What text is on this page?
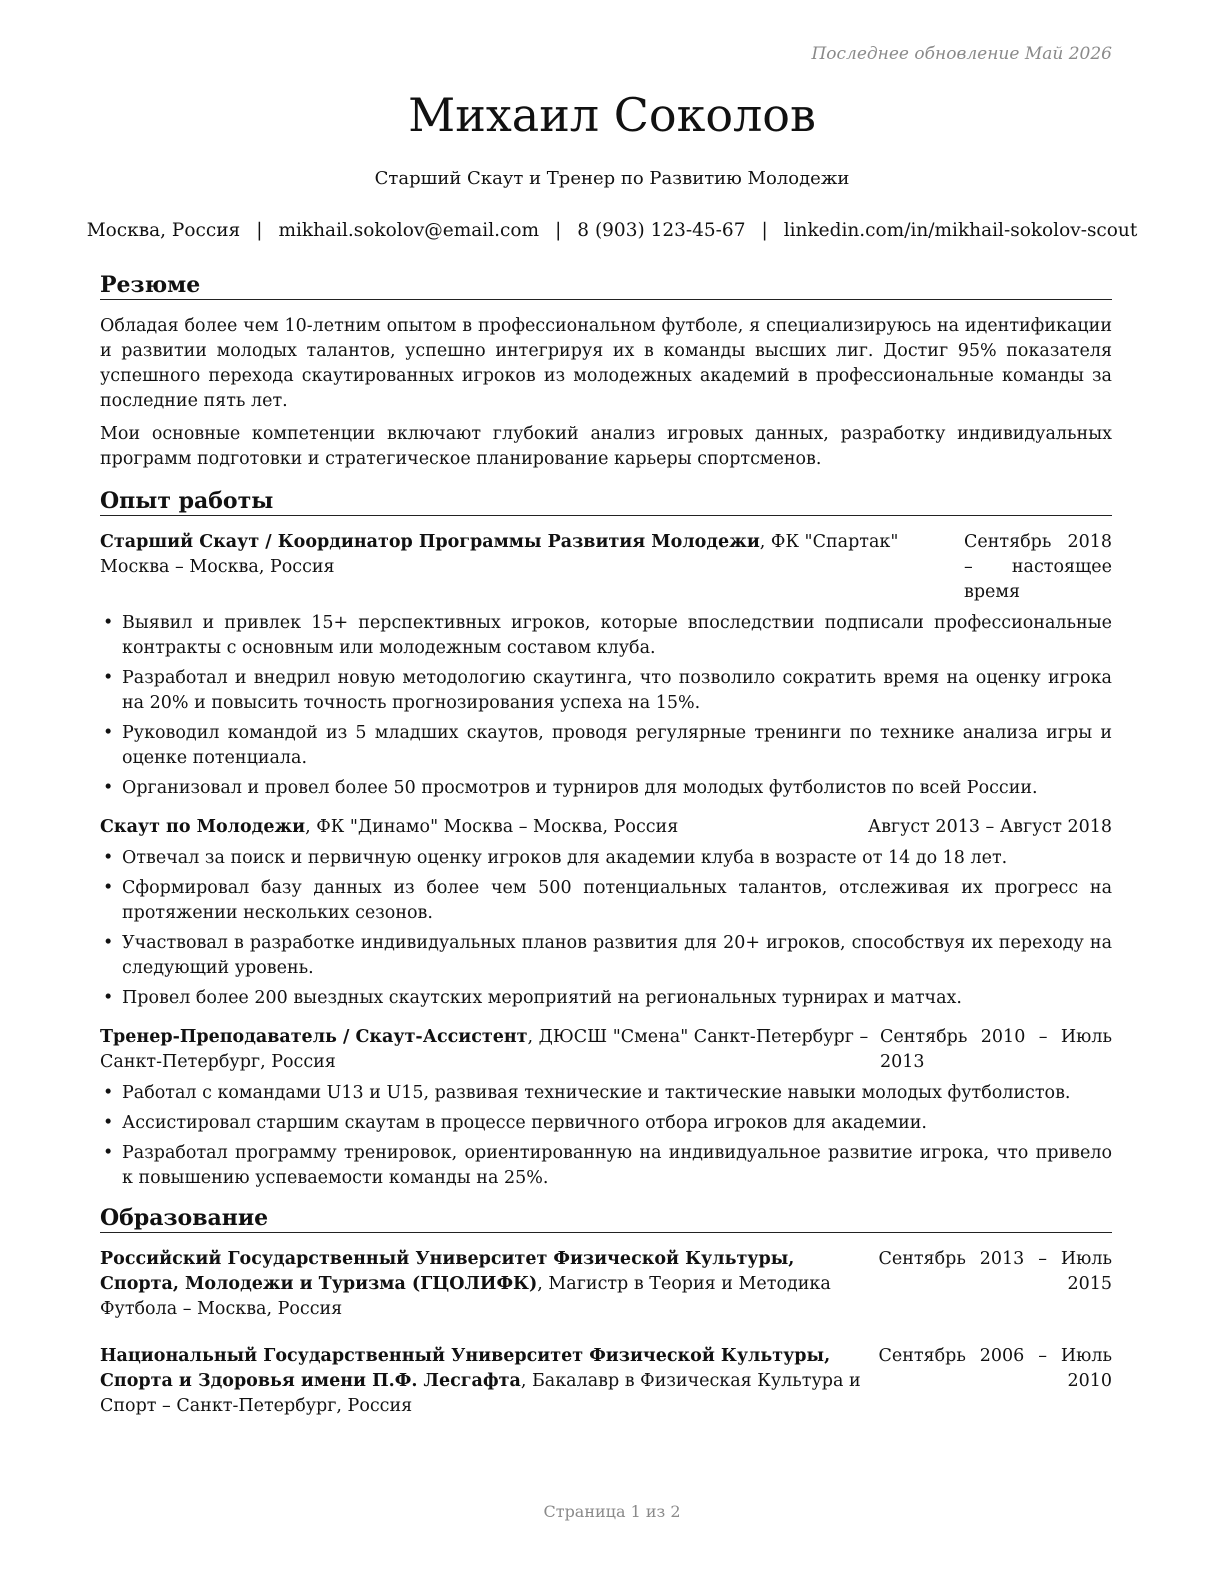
Последнее обновление Май 2026
Михаил Соколов
Старший Скаут и Тренер по Развитию Молодежи
Москва, Россия | mikhail.sokolov@email.com | 8 (903) 123-45-67 | linkedin.com/in/mikhail-sokolov-scout
Резюме

Обладая более чем 10-летним опытом в профессиональном футболе, я специализируюсь на идентификации и развитии молодых талантов, успешно интегрируя их в команды высших лиг. Достиг 95% показателя успешного перехода скаутированных игроков из молодежных академий в профессиональные команды за последние пять лет.

Мои основные компетенции включают глубокий анализ игровых данных, разработку индивидуальных программ подготовки и стратегическое планирование карьеры спортсменов.

Опыт работы
Старший Скаут / Координатор Программы Развития Молодежи, ФК "Спартак" Москва – Москва, Россия
Сентябрь 2018 – настоящее время
• Выявил и привлек 15+ перспективных игроков, которые впоследствии подписали профессиональные контракты с основным или молодежным составом клуба.
• Разработал и внедрил новую методологию скаутинга, что позволило сократить время на оценку игрока на 20% и повысить точность прогнозирования успеха на 15%.
• Руководил командой из 5 младших скаутов, проводя регулярные тренинги по технике анализа игры и оценке потенциала.
• Организовал и провел более 50 просмотров и турниров для молодых футболистов по всей России.
Скаут по Молодежи, ФК "Динамо" Москва – Москва, Россия	Август 2013 – Август 2018
• Отвечал за поиск и первичную оценку игроков для академии клуба в возрасте от 14 до 18 лет.
• Сформировал базу данных из более чем 500 потенциальных талантов, отслеживая их прогресс на протяжении нескольких сезонов.
• Участвовал в разработке индивидуальных планов развития для 20+ игроков, способствуя их переходу на следующий уровень.
• Провел более 200 выездных скаутских мероприятий на региональных турнирах и матчах.
Тренер-Преподаватель / Скаут-Ассистент, ДЮСШ "Смена" Санкт-Петербург – Санкт-Петербург, Россия
Сентябрь 2010 – Июль 2013
• Работал с командами U13 и U15, развивая технические и тактические навыки молодых футболистов.
• Ассистировал старшим скаутам в процессе первичного отбора игроков для академии.
• Разработал программу тренировок, ориентированную на индивидуальное развитие игрока, что привело к повышению успеваемости команды на 25%.
Образование
Российский Государственный Университет Физической Культуры, Спорта, Молодежи и Туризма (ГЦОЛИФК), Магистр в Теория и Методика Футбола – Москва, Россия
Сентябрь 2013 – Июль
2015
Национальный Государственный Университет Физической Культуры, Спорта и Здоровья имени П.Ф. Лесгафта, Бакалавр в Физическая Культура и Спорт – Санкт-Петербург, Россия
Сентябрь 2006 – Июль
2010
Страница 1 из 2
